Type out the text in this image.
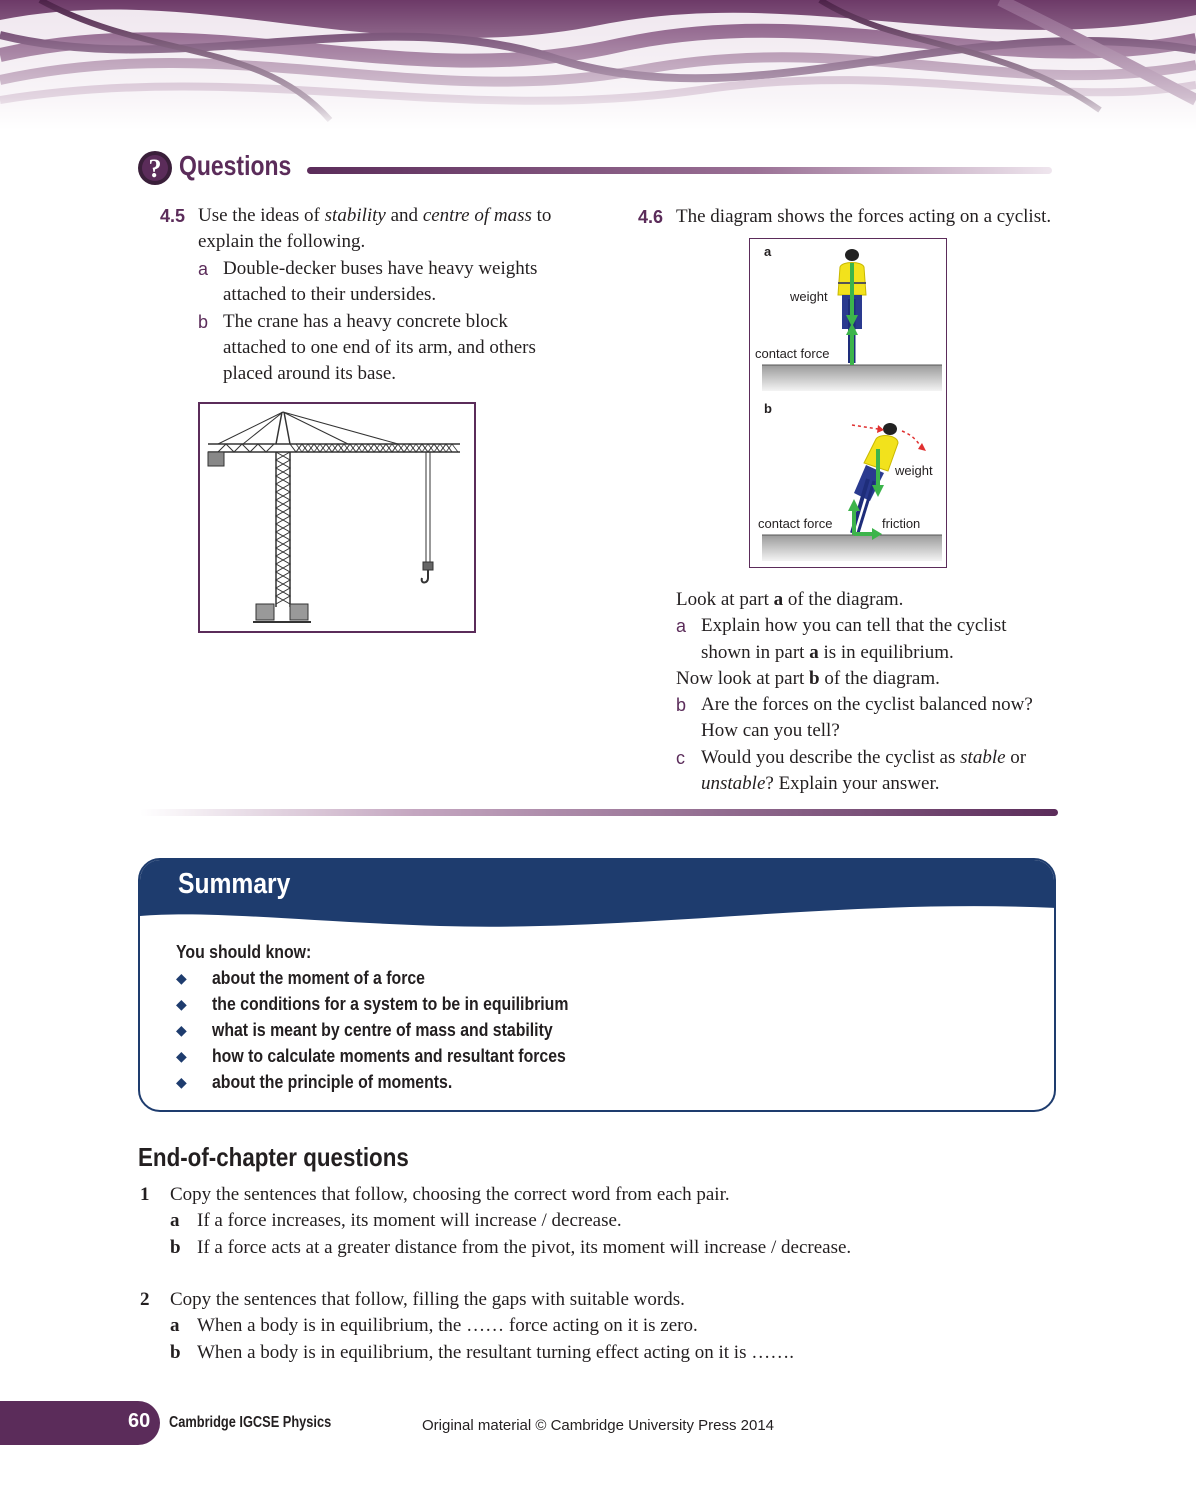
? Questions
4.5 Use the ideas of stability and centre of mass to
explain the following.
a Double-decker buses have heavy weights
attached to their undersides.
b The crane has a heavy concrete block
attached to one end of its arm, and others
placed around its base.
4.6 The diagram shows the forces acting on a cyclist.
a
weight
contact force
b
weight
contact force	friction
Look at part a of the diagram.
a Explain how you can tell that the cyclist
shown in part a is in equilibrium.
Now look at part b of the diagram.
b Are the forces on the cyclist balanced now?
How can you tell?
c Would you describe the cyclist as stable or
unstable? Explain your answer.
Summary
You should know:
◆ about the moment of a force
◆ the conditions for a system to be in equilibrium
◆ what is meant by centre of mass and stability
◆ how to calculate moments and resultant forces
◆ about the principle of moments.
End-of-chapter questions
1 Copy the sentences that follow, choosing the correct word from each pair.
a If a force increases, its moment will increase / decrease.
b If a force acts at a greater distance from the pivot, its moment will increase / decrease.
2 Copy the sentences that follow, filling the gaps with suitable words.
a When a body is in equilibrium, the …… force acting on it is zero.
b When a body is in equilibrium, the resultant turning effect acting on it is …….
60 Cambridge IGCSE Physics	Original material © Cambridge University Press 2014
